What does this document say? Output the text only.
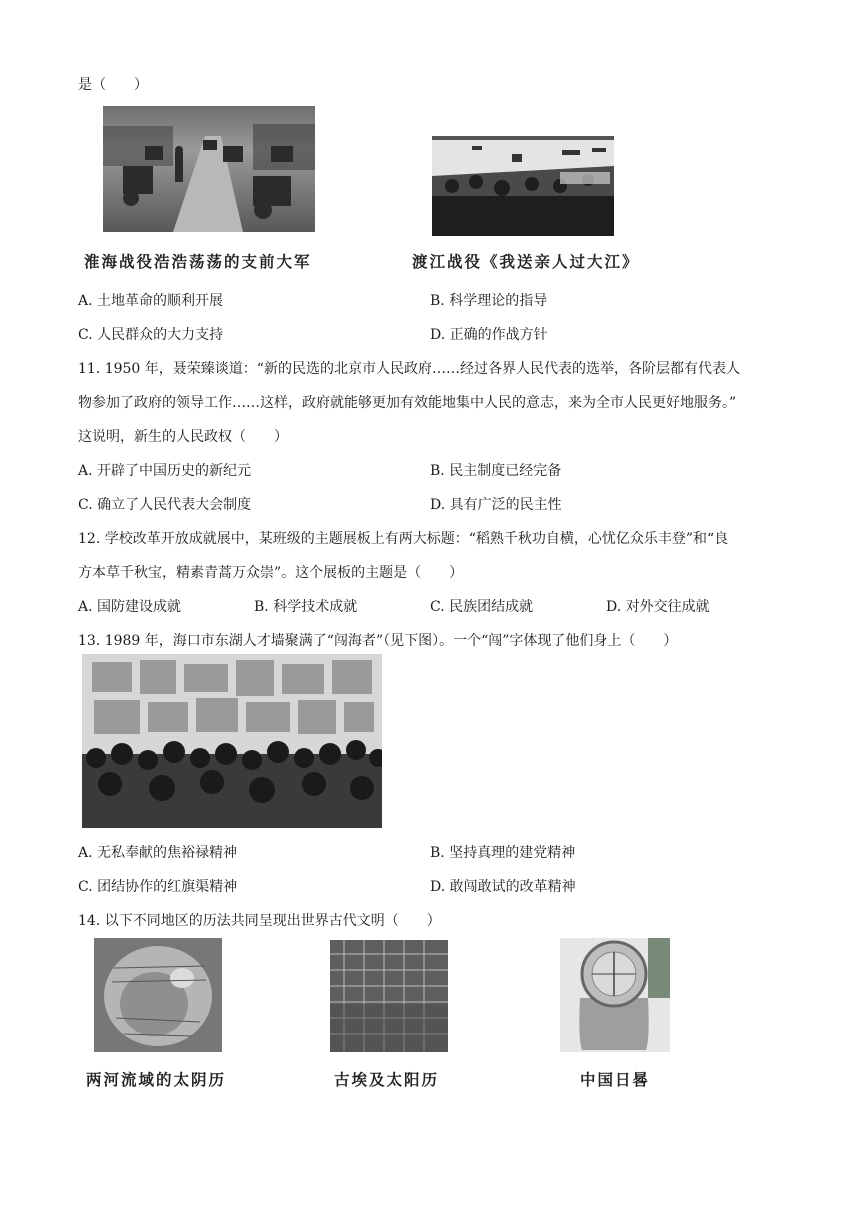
是（　　）
淮海战役浩浩荡荡的支前大军	渡江战役《我送亲人过大江》
A. 土地革命的顺利开展	B. 科学理论的指导
C. 人民群众的大力支持	D. 正确的作战方针
11. 1950 年，聂荣臻谈道：“新的民选的北京市人民政府……经过各界人民代表的选举，各阶层都有代表人
物参加了政府的领导工作……这样，政府就能够更加有效能地集中人民的意志，来为全市人民更好地服务。”
这说明，新生的人民政权（　　）
A. 开辟了中国历史的新纪元	B. 民主制度已经完备
C. 确立了人民代表大会制度	D. 具有广泛的民主性
12. 学校改革开放成就展中，某班级的主题展板上有两大标题：“稻熟千秋功自横，心忧亿众乐丰登”和“良
方本草千秋宝，精素青蒿万众崇”。这个展板的主题是（　　）
A. 国防建设成就	B. 科学技术成就	C. 民族团结成就	D. 对外交往成就
13. 1989 年，海口市东湖人才墙聚满了“闯海者”（见下图）。一个“闯”字体现了他们身上（　　）
A. 无私奉献的焦裕禄精神	B. 坚持真理的建党精神
C. 团结协作的红旗渠精神	D. 敢闯敢试的改革精神
14. 以下不同地区的历法共同呈现出世界古代文明（　　）
两河流域的太阴历	古埃及太阳历	中国日晷
